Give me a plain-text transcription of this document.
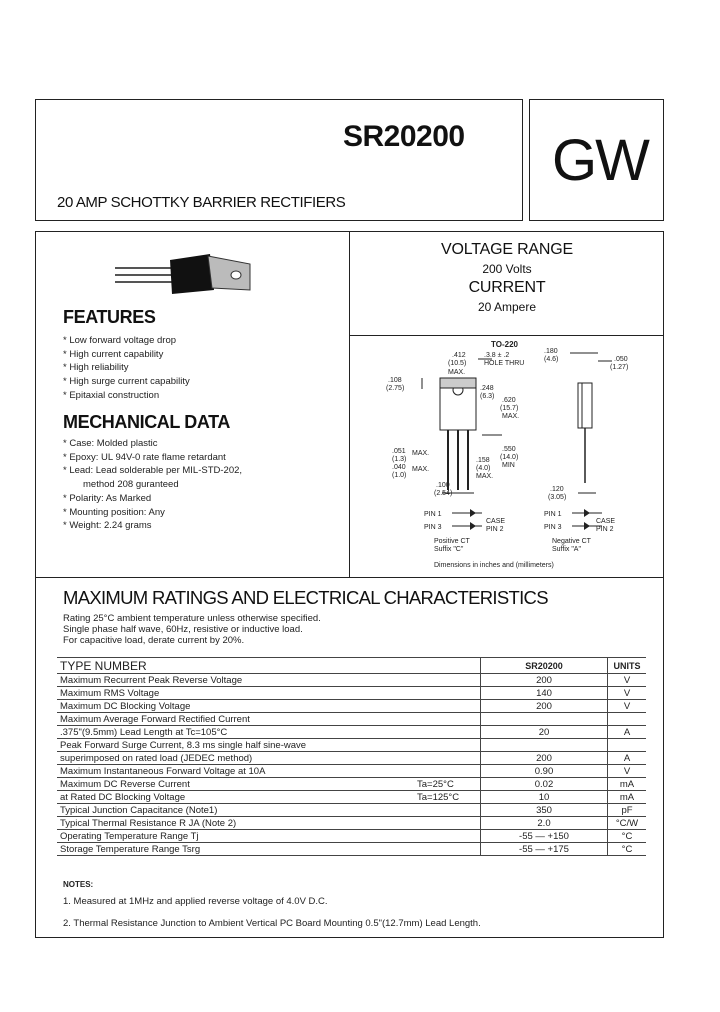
SR20200
20 AMP SCHOTTKY BARRIER RECTIFIERS
GW
FEATURES
* Low forward voltage drop
* High current capability
* High reliability
* High surge current capability
* Epitaxial construction
MECHANICAL DATA
* Case: Molded plastic
* Epoxy: UL 94V-0 rate flame retardant
* Lead: Lead solderable per MIL-STD-202,
method 208 guranteed
* Polarity: As Marked
* Mounting position: Any
* Weight: 2.24 grams
VOLTAGE RANGE
200 Volts
CURRENT
20 Ampere
TO-220
.412
(10.5)
MAX.
.3.8 ± .2
HOLE THRU
.180
(4.6)	.050
(1.27)
.108
(2.75)	.248
(6.3)
.620
(15.7)
MAX.
.051
(1.3)
MAX.
.040
(1.0)
MAX.
.158
(4.0)
MAX.
.550
(14.0)
MIN
.100
(2.54)
.120
(3.05)
PIN 1
PIN 3
CASE
PIN 2
Positive CT
Suffix "C"
PIN 1
PIN 3
CASE
PIN 2
Negative CT
Suffix "A"
Dimensions in inches and (millimeters)
MAXIMUM RATINGS AND ELECTRICAL CHARACTERISTICS
Rating 25°C ambient temperature unless otherwise specified.
Single phase half wave, 60Hz, resistive or inductive load.
For capacitive load, derate current by 20%.
TYPE NUMBER		SR20200	UNITS
Maximum Recurrent Peak Reverse Voltage		200	V
Maximum RMS Voltage		140	V
Maximum DC Blocking Voltage		200	V
Maximum Average Forward Rectified Current			
.375"(9.5mm) Lead Length at Tc=105°C		20	A
Peak Forward Surge Current, 8.3 ms single half sine-wave			
superimposed on rated load (JEDEC method)		200	A
Maximum Instantaneous Forward Voltage at 10A		0.90	V
Maximum DC Reverse Current	Ta=25°C	0.02	mA
at Rated DC Blocking Voltage	Ta=125°C	10	mA
Typical Junction Capacitance (Note1)		350	pF
Typical Thermal Resistance R JA (Note 2)		2.0	°C/W
Operating Temperature Range Tj		-55 — +150	°C
Storage Temperature Range Tsrg		-55 — +175	°C
NOTES:
1. Measured at 1MHz and applied reverse voltage of 4.0V D.C.
2. Thermal Resistance Junction to Ambient Vertical PC Board Mounting 0.5"(12.7mm) Lead Length.
